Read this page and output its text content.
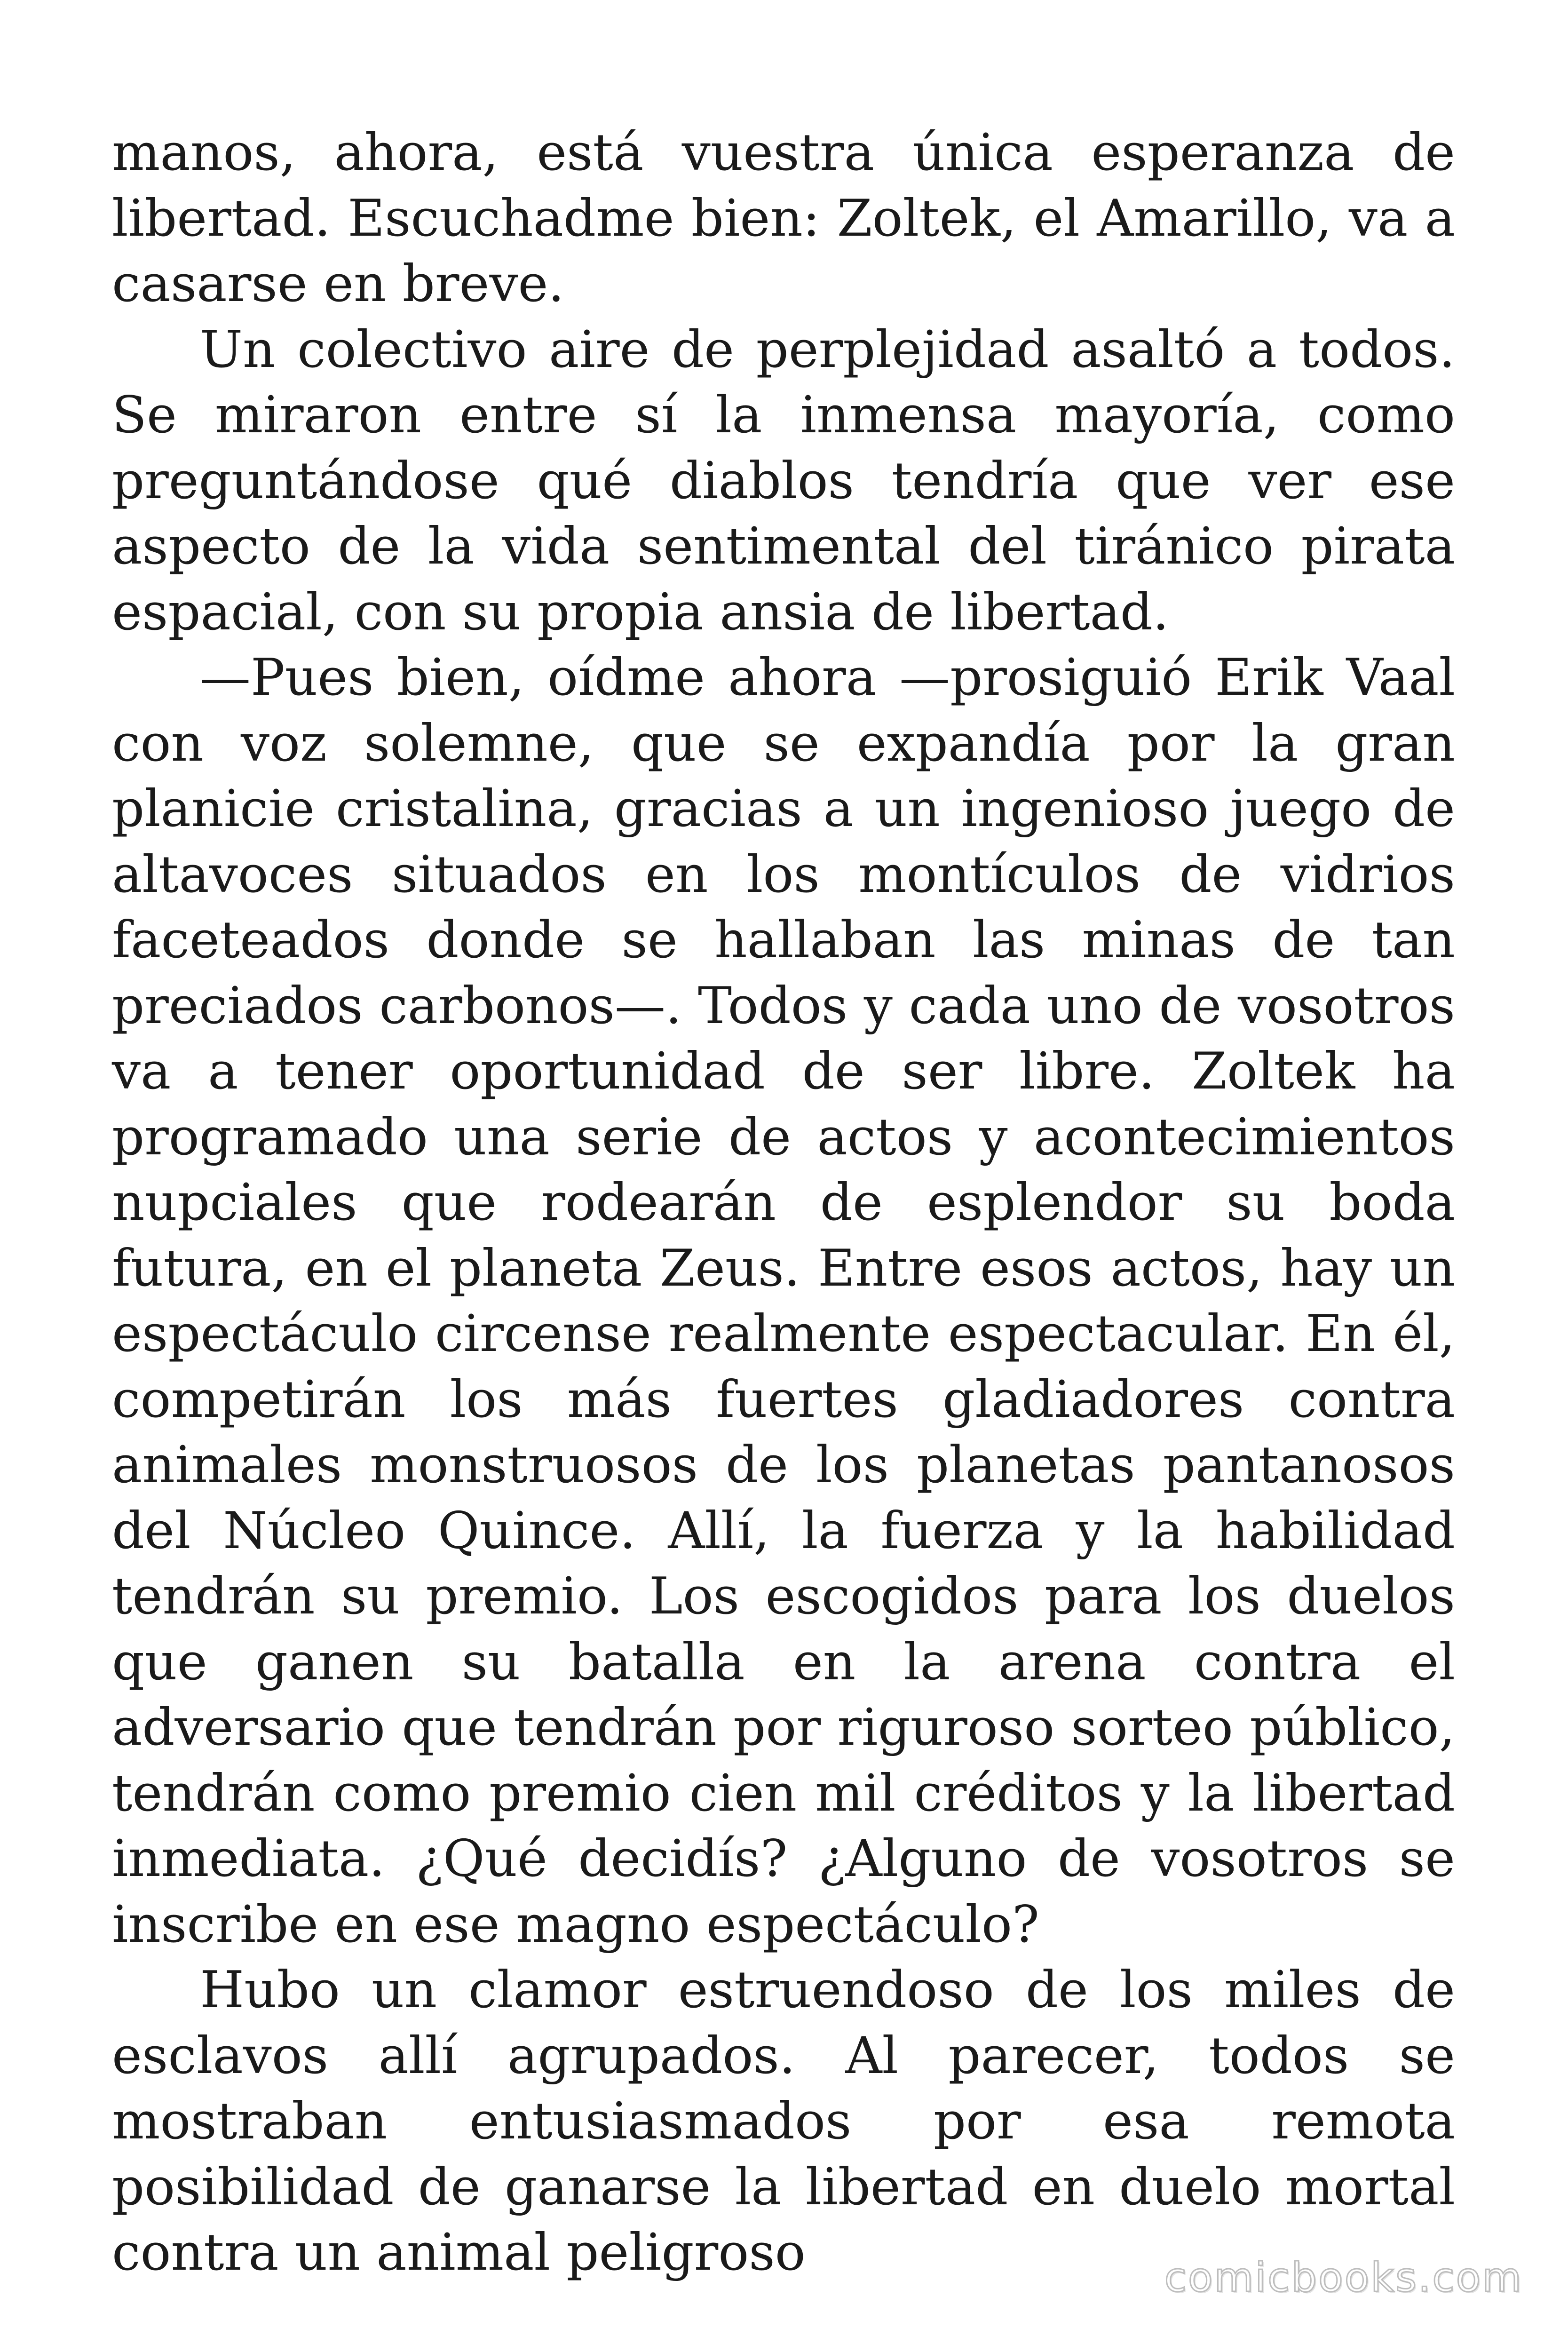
manos, ahora, está vuestra única esperanza de libertad. Escuchadme bien: Zoltek, el Amarillo, va a casarse en breve.

Un colectivo aire de perplejidad asaltó a todos. Se miraron entre sí la inmensa mayoría, como preguntándose qué diablos tendría que ver ese aspecto de la vida sentimental del tiránico pirata espacial, con su propia ansia de libertad.

—Pues bien, oídme ahora —prosiguió Erik Vaal con voz solemne, que se expandía por la gran planicie cristalina, gracias a un ingenioso juego de altavoces situados en los montículos de vidrios faceteados donde se hallaban las minas de tan preciados carbonos—. Todos y cada uno de vosotros va a tener oportunidad de ser libre. Zoltek ha programado una serie de actos y acontecimientos nupciales que rodearán de esplendor su boda futura, en el planeta Zeus. Entre esos actos, hay un espectáculo circense realmente espectacular. En él, competirán los más fuertes gladiadores contra animales monstruosos de los planetas pantanosos del Núcleo Quince. Allí, la fuerza y la habilidad tendrán su premio. Los escogidos para los duelos que ganen su batalla en la arena contra el adversario que tendrán por riguroso sorteo público, tendrán como premio cien mil créditos y la libertad inmediata. ¿Qué decidís? ¿Alguno de vosotros se inscribe en ese magno espectáculo?

Hubo un clamor estruendoso de los miles de esclavos allí agrupados. Al parecer, todos se mostraban entusiasmados por esa remota posibilidad de ganarse la libertad en duelo mortal contra un animal peligroso	comicbooks.com
